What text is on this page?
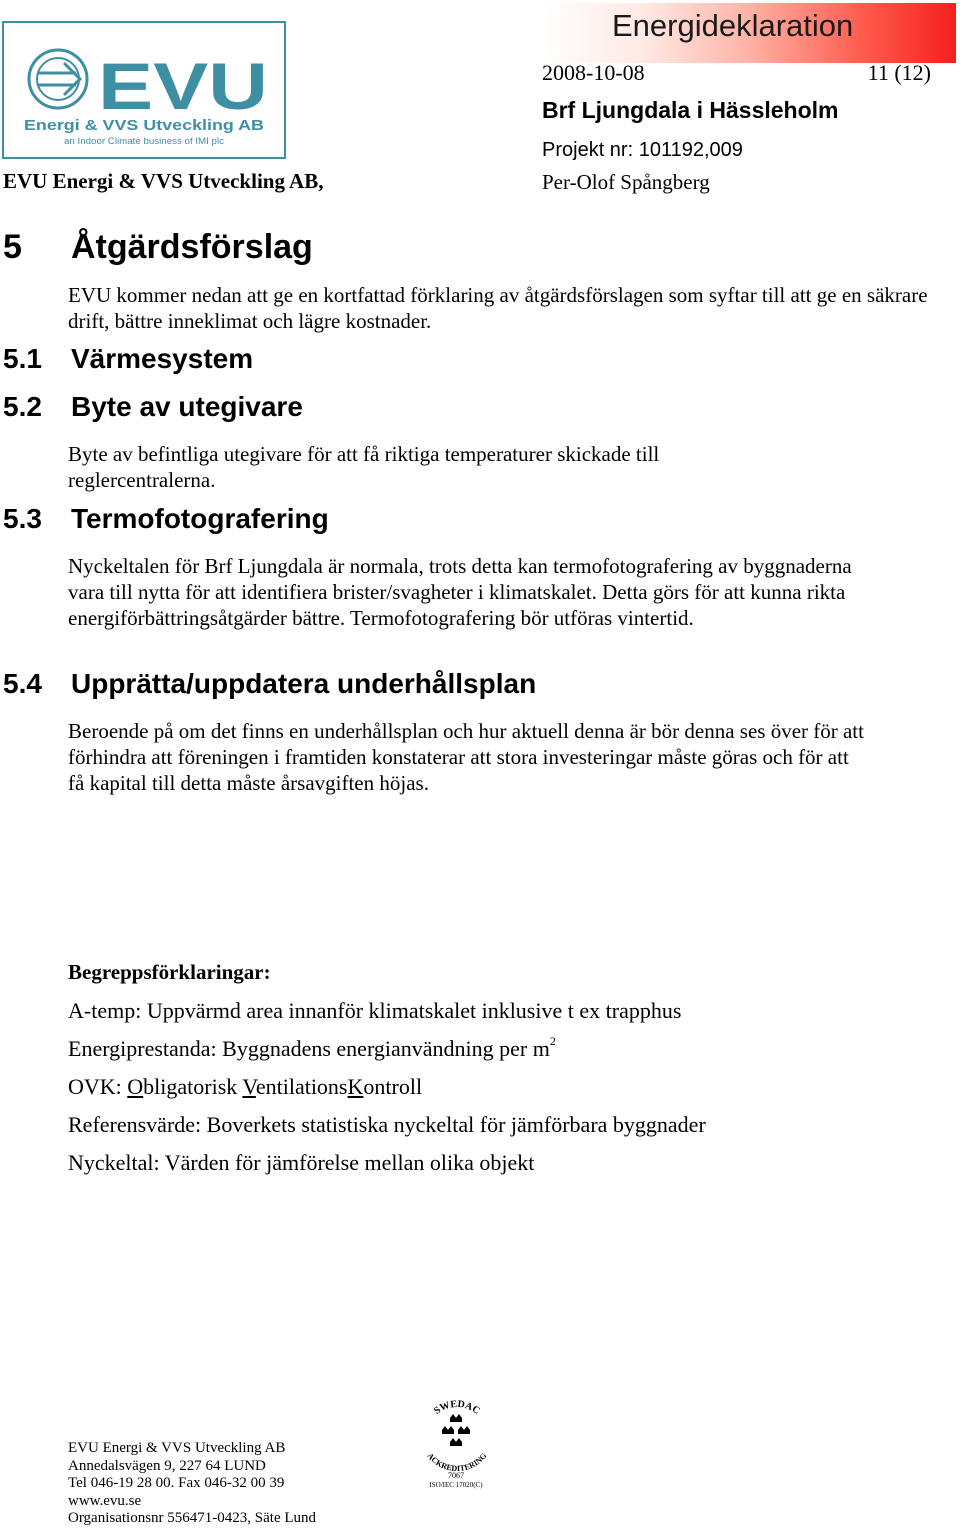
EVU
Energi & VVS Utveckling AB
an Indoor Climate business of IMI plc
Energideklaration
2008-10-08	11 (12)
Brf Ljungdala i Hässleholm
Projekt nr: 101192,009
Per-Olof Spångberg
EVU Energi & VVS Utveckling AB,
5 Åtgärdsförslag
EVU kommer nedan att ge en kortfattad förklaring av åtgärdsförslagen som syftar till att ge en säkrare drift, bättre inneklimat och lägre kostnader.
5.1 Värmesystem
5.2 Byte av utegivare
Byte av befintliga utegivare för att få riktiga temperaturer skickade till reglercentralerna.
5.3 Termofotografering
Nyckeltalen för Brf Ljungdala är normala, trots detta kan termofotografering av byggnaderna vara till nytta för att identifiera brister/svagheter i klimatskalet. Detta görs för att kunna rikta energiförbättringsåtgärder bättre. Termofotografering bör utföras vintertid.
5.4 Upprätta/uppdatera underhållsplan
Beroende på om det finns en underhållsplan och hur aktuell denna är bör denna ses över för att förhindra att föreningen i framtiden konstaterar att stora investeringar måste göras och för att få kapital till detta måste årsavgiften höjas.
Begreppsförklaringar:
A-temp: Uppvärmd area innanför klimatskalet inklusive t ex trapphus
Energiprestanda: Byggnadens energianvändning per $m^2$
OVK: Obligatorisk VentilationsKontroll
Referensvärde: Boverkets statistiska nyckeltal för jämförbara byggnader
Nyckeltal: Värden för jämförelse mellan olika objekt
EVU Energi & VVS Utveckling AB
Annedalsvägen 9, 227 64 LUND
Tel 046-19 28 00. Fax 046-32 00 39
www.evu.se
Organisationsnr 556471-0423, Säte Lund
SWEDAC
ACKREDITERING
7067
ISO/IEC 17020(C)
